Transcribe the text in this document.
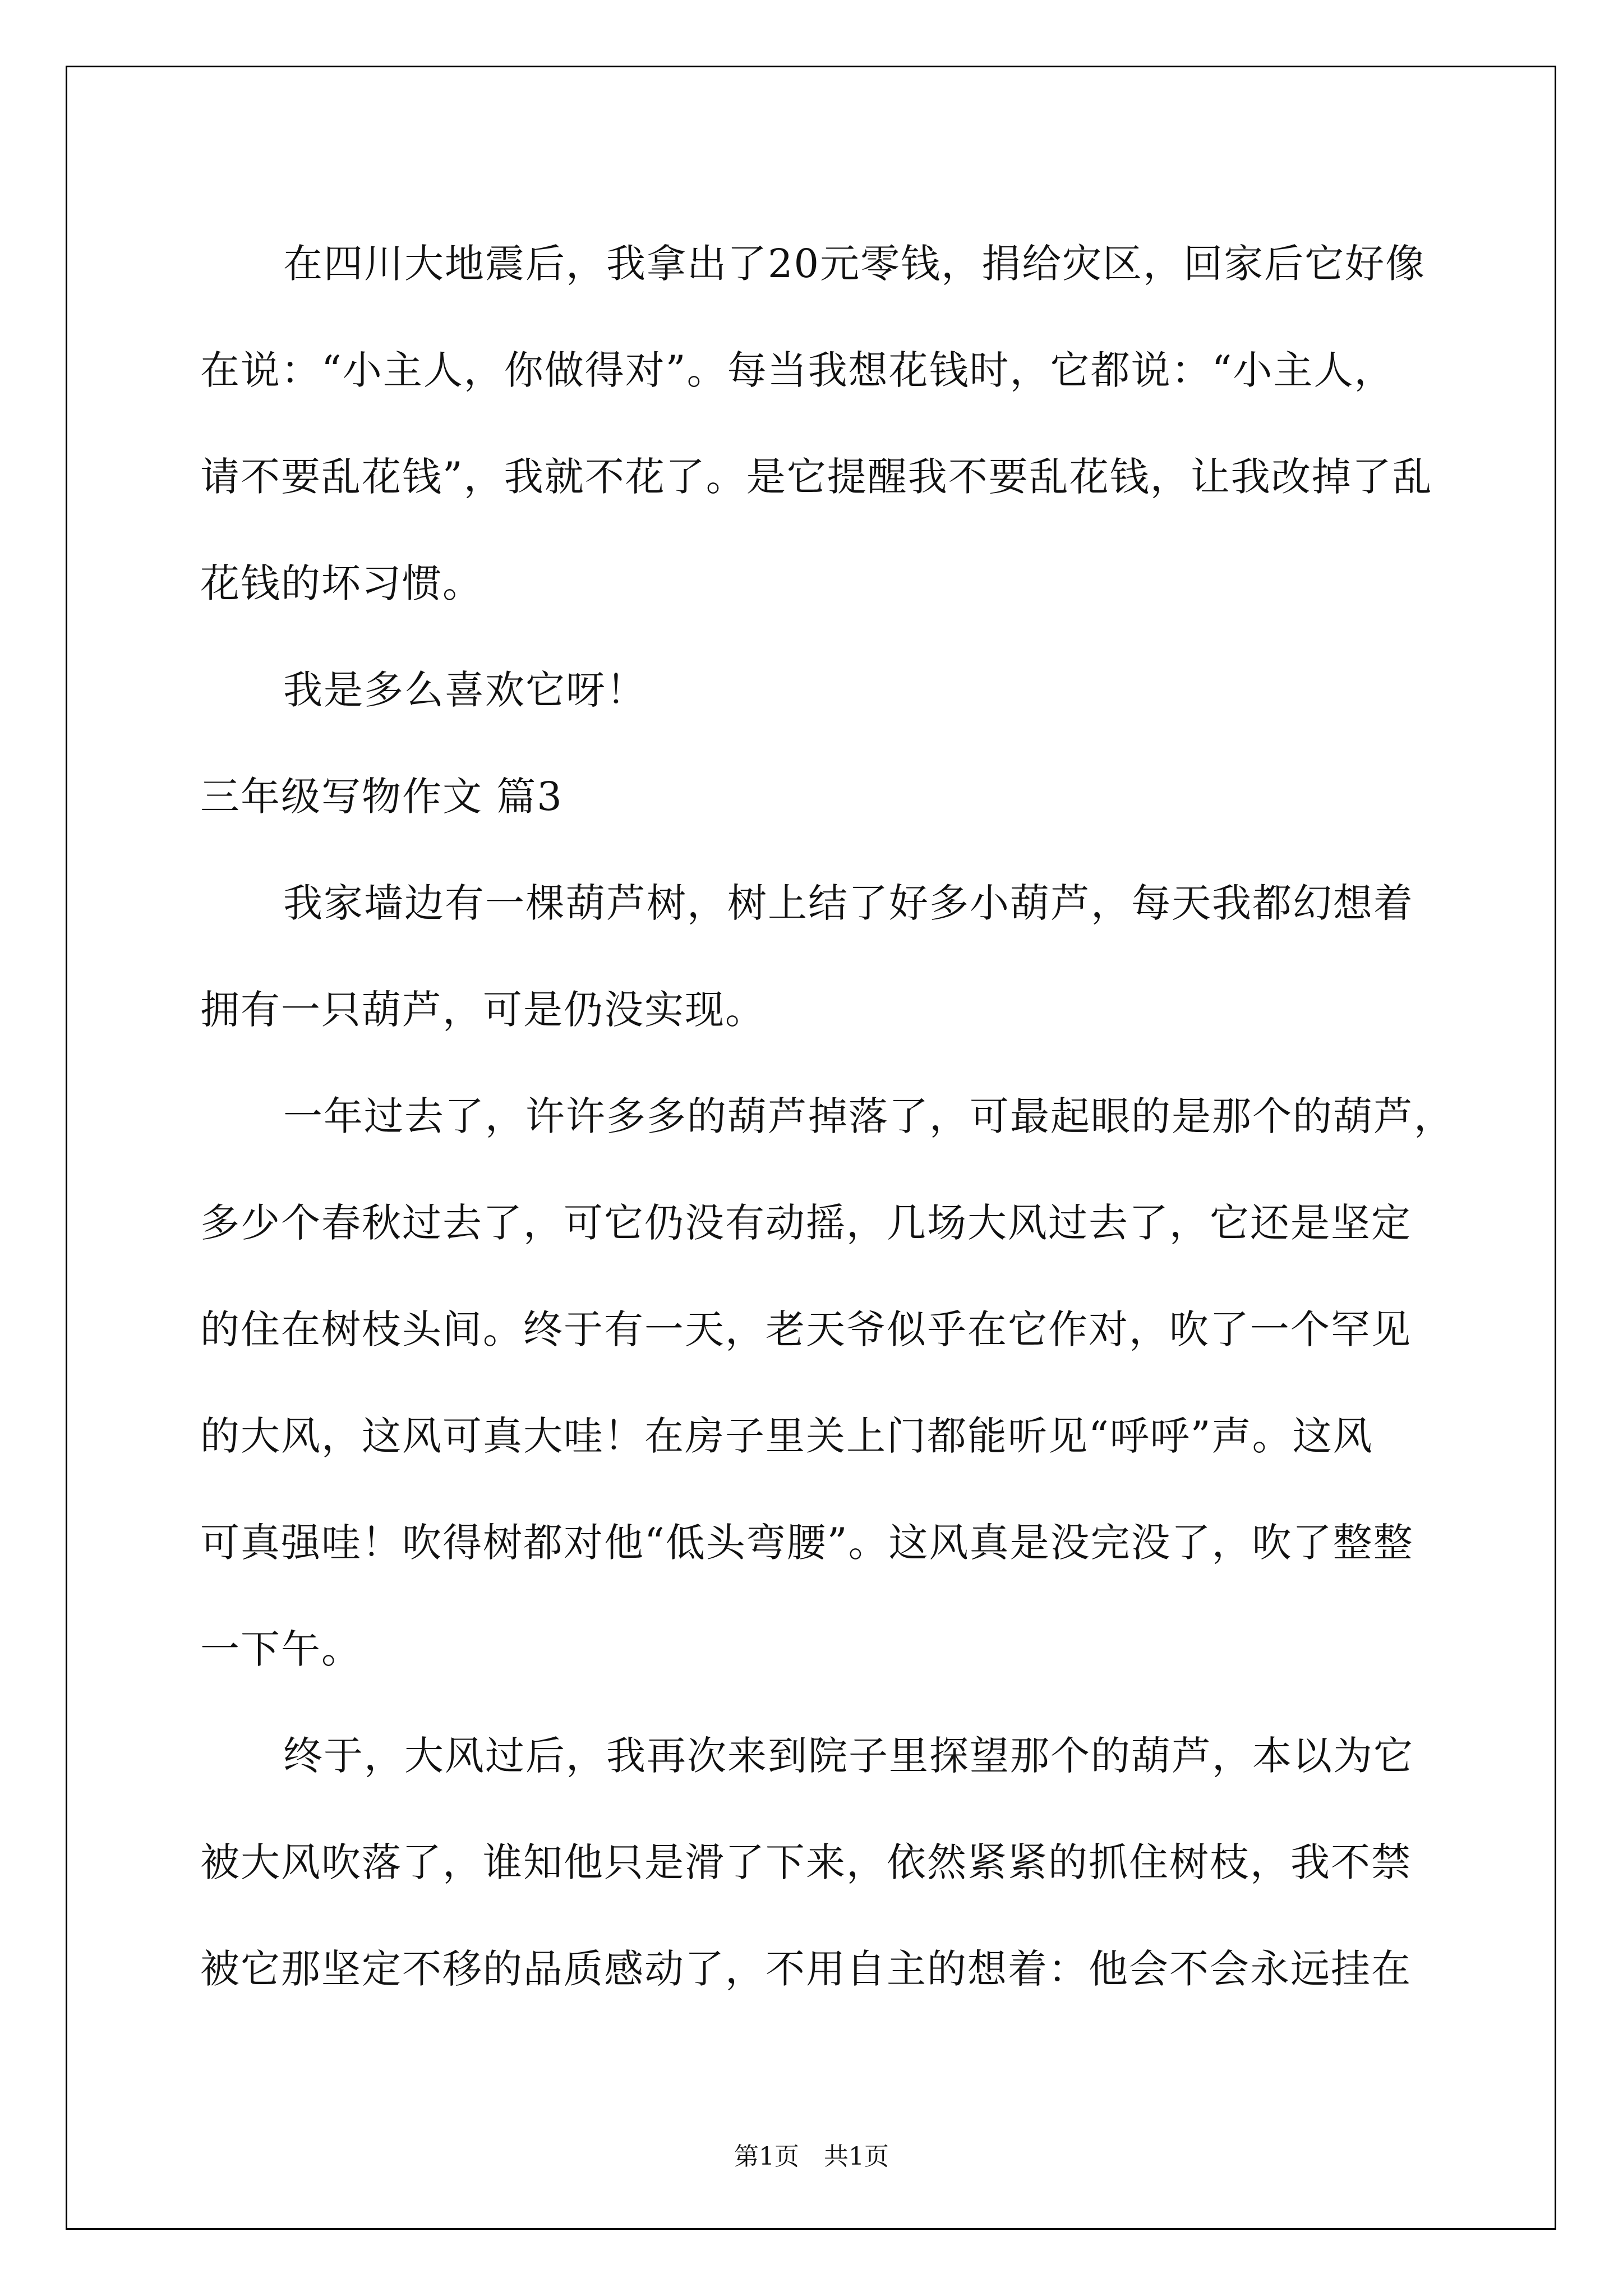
在四川大地震后，我拿出了20元零钱，捐给灾区，回家后它好像
在说：“小主人，你做得对”。每当我想花钱时，它都说：“小主人，
请不要乱花钱”，我就不花了。是它提醒我不要乱花钱，让我改掉了乱
花钱的坏习惯。
我是多么喜欢它呀！
三年级写物作文 篇3
我家墙边有一棵葫芦树，树上结了好多小葫芦，每天我都幻想着
拥有一只葫芦，可是仍没实现。
一年过去了，许许多多的葫芦掉落了，可最起眼的是那个的葫芦，
多少个春秋过去了，可它仍没有动摇，几场大风过去了，它还是坚定
的住在树枝头间。终于有一天，老天爷似乎在它作对，吹了一个罕见
的大风，这风可真大哇！在房子里关上门都能听见“呼呼”声。这风
可真强哇！吹得树都对他“低头弯腰”。这风真是没完没了，吹了整整
一下午。
终于，大风过后，我再次来到院子里探望那个的葫芦，本以为它
被大风吹落了，谁知他只是滑了下来，依然紧紧的抓住树枝，我不禁
被它那坚定不移的品质感动了，不用自主的想着：他会不会永远挂在
第1页　共1页
